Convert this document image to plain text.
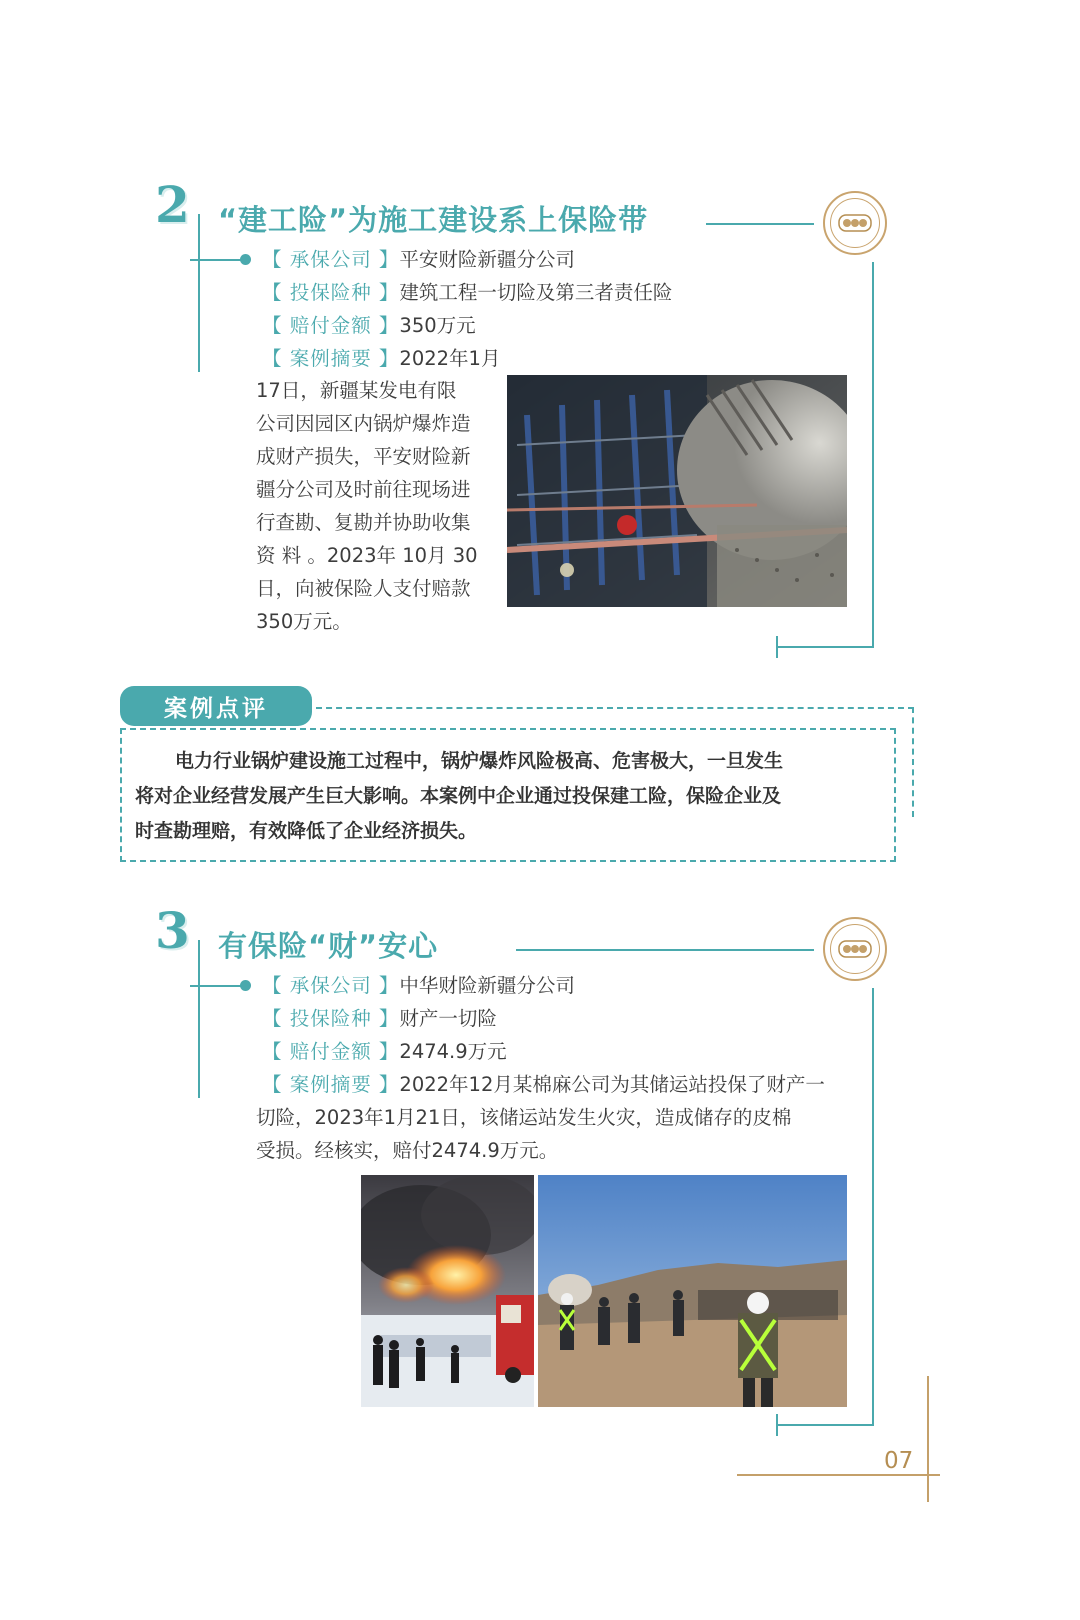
2 “建工险”为施工建设系上保险带
【 承保公司 】平安财险新疆分公司
【 投保险种 】建筑工程一切险及第三者责任险
【 赔付金额 】350万元
【 案例摘要 】2022年1月
17日，新疆某发电有限
公司因园区内锅炉爆炸造
成财产损失，平安财险新
疆分公司及时前往现场进
行查勘、复勘并协助收集
资 料 。2023年 10月 30
日，向被保险人支付赔款
350万元。
案例点评
电力行业锅炉建设施工过程中，锅炉爆炸风险极高、危害极大，一旦发生
将对企业经营发展产生巨大影响。本案例中企业通过投保建工险，保险企业及
时查勘理赔，有效降低了企业经济损失。
3 有保险“财”安心
【 承保公司 】中华财险新疆分公司
【 投保险种 】财产一切险
【 赔付金额 】2474.9万元
【 案例摘要 】2022年12月某棉麻公司为其储运站投保了财产一
切险，2023年1月21日，该储运站发生火灾，造成储存的皮棉
受损。经核实，赔付2474.9万元。
07
